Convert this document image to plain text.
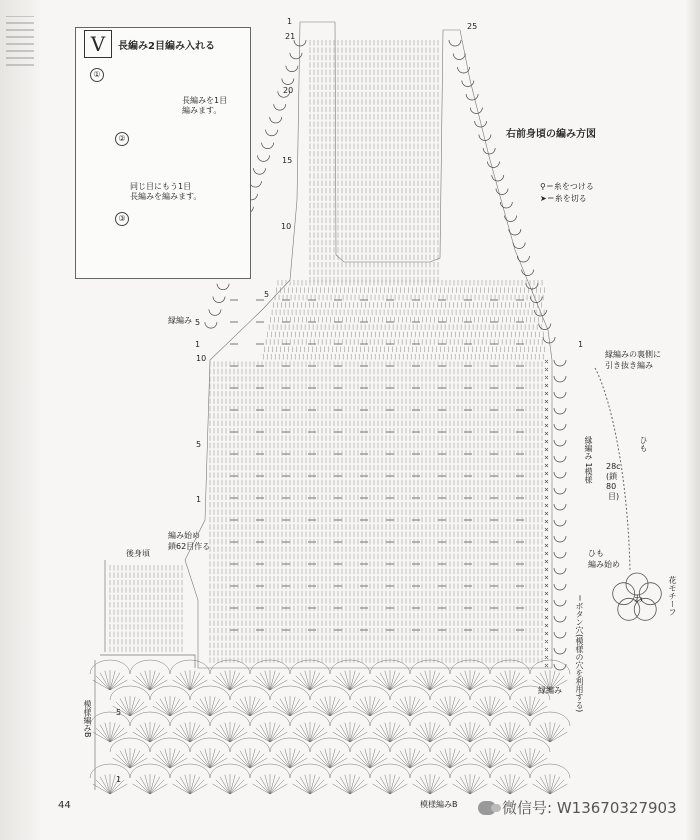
V	長編み2目編み入れる
①
長編みを1目
編みます。
②
同じ目にもう1目
長編みを編みます。
③
右前身頃の編み方図
⚲＝糸をつける
➤＝糸を切る
縁編み
縁編み 1模様
縁編みの裏側に
引き抜き編み
ひも
28c
(鎖
80
目)
ひも
編み始め
花モチーフ
わ
＝ボタン穴(模様の穴を利用する)
後身頃
編み始め
鎖62目作る
模様編みB
模様編みB
縁編み
1
25
21
20
15
10
5
1
5
1
10
5
1
5
1
44	微信号: W13670327903
